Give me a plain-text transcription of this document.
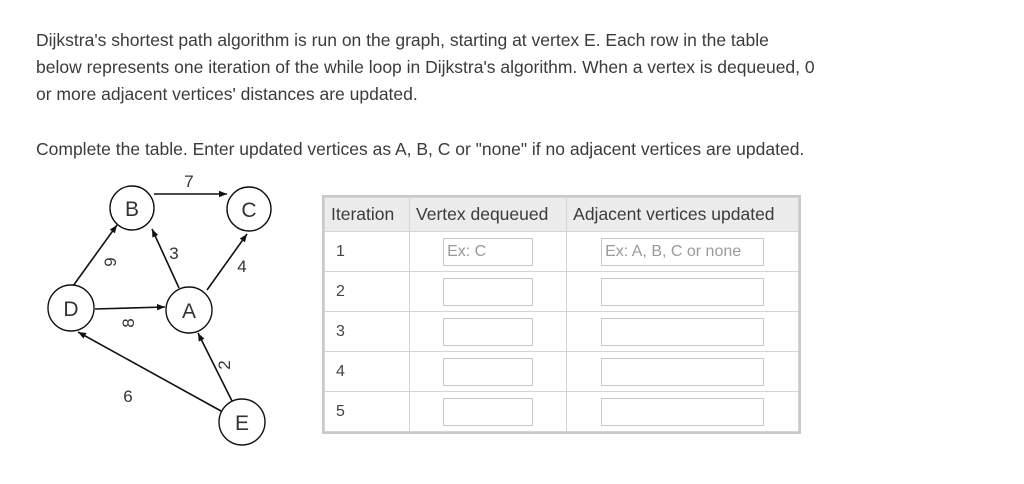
Dijkstra's shortest path algorithm is run on the graph, starting at vertex E. Each row in the table

below represents one iteration of the while loop in Dijkstra's algorithm. When a vertex is dequeued, 0

or more adjacent vertices' distances are updated.

Complete the table. Enter updated vertices as A, B, C or "none" if no adjacent vertices are updated.
B	C
D	A
E
7
3
4
9
8
2
6
Iteration	Vertex dequeued	Adjacent vertices updated
1	Ex: C	Ex: A, B, C or none
2		
3		
4		
5		
